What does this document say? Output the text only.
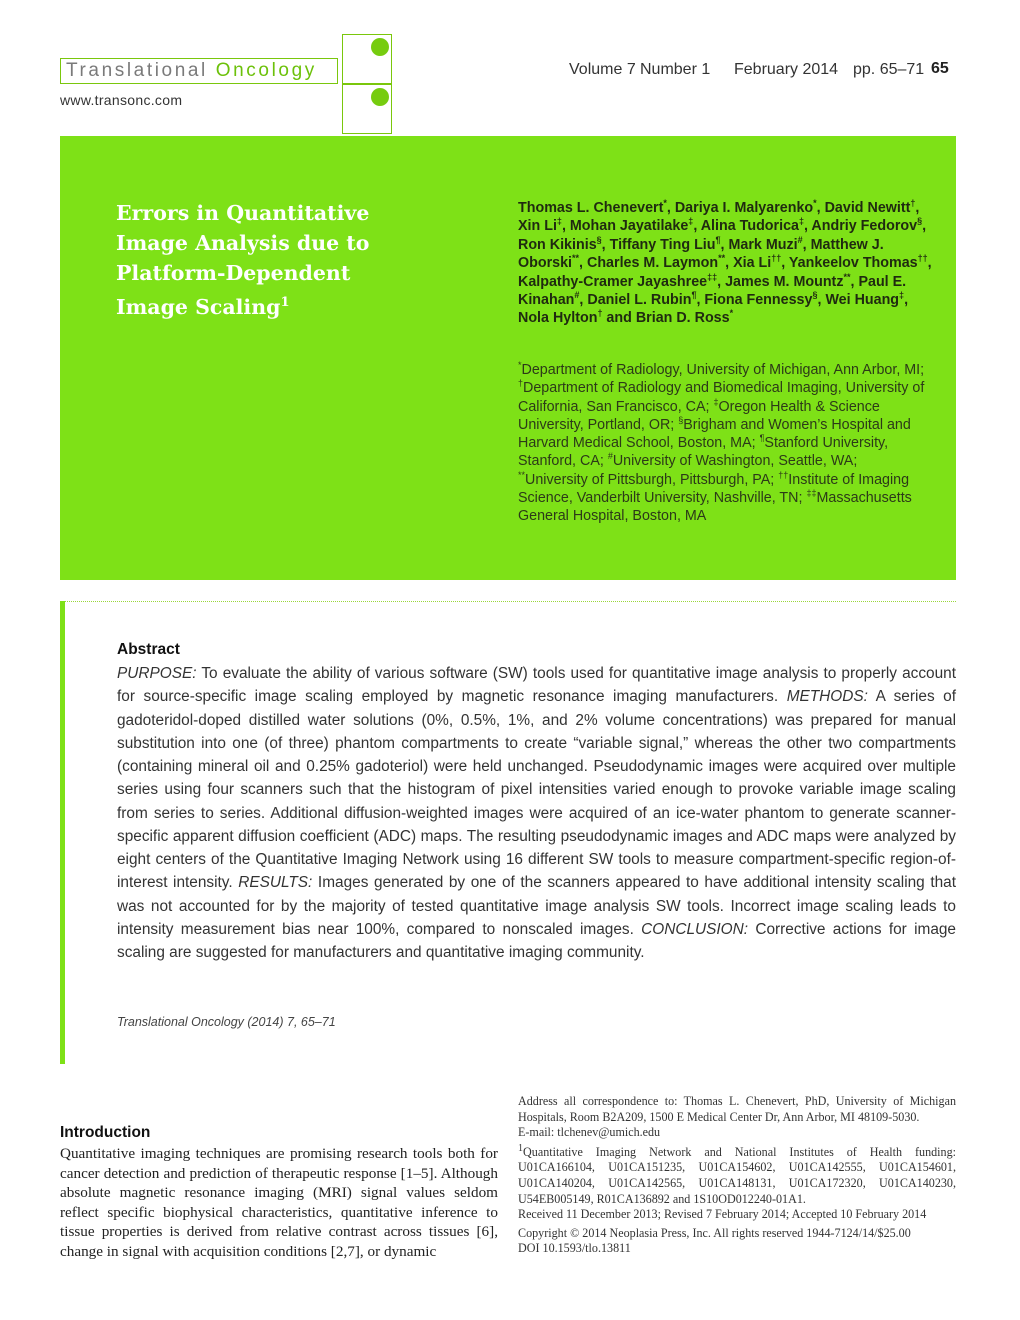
Translational Oncology
www.transonc.com
Volume 7 Number 1 February 2014 pp. 65–71 65
Errors in Quantitative Image Analysis due to Platform-Dependent Image Scaling$^1$
Thomas L. Chenevert*, Dariya I. Malyarenko*, David Newitt†, Xin Li‡, Mohan Jayatilake‡, Alina Tudorica‡, Andriy Fedorov§, Ron Kikinis§, Tiffany Ting Liu¶, Mark Muzi#, Matthew J. Oborski**, Charles M. Laymon**, Xia Li††, Yankeelov Thomas††, Kalpathy-Cramer Jayashree‡‡, James M. Mountz**, Paul E. Kinahan#, Daniel L. Rubin¶, Fiona Fennessy§, Wei Huang‡, Nola Hylton† and Brian D. Ross*
*Department of Radiology, University of Michigan, Ann Arbor, MI; †Department of Radiology and Biomedical Imaging, University of California, San Francisco, CA; ‡Oregon Health & Science University, Portland, OR; §Brigham and Women’s Hospital and Harvard Medical School, Boston, MA; ¶Stanford University, Stanford, CA; #University of Washington, Seattle, WA; **University of Pittsburgh, Pittsburgh, PA; ††Institute of Imaging Science, Vanderbilt University, Nashville, TN; ‡‡Massachusetts General Hospital, Boston, MA
Abstract
PURPOSE: To evaluate the ability of various software (SW) tools used for quantitative image analysis to properly account for source-specific image scaling employed by magnetic resonance imaging manufacturers. METHODS: A series of gadoteridol-doped distilled water solutions (0%, 0.5%, 1%, and 2% volume concentrations) was prepared for manual substitution into one (of three) phantom compartments to create “variable signal,” whereas the other two compartments (containing mineral oil and 0.25% gadoteriol) were held unchanged. Pseudodynamic images were acquired over multiple series using four scanners such that the histogram of pixel intensities varied enough to provoke variable image scaling from series to series. Additional diffusion-weighted images were acquired of an ice-water phantom to generate scanner-specific apparent diffusion coefficient (ADC) maps. The resulting pseudodynamic images and ADC maps were analyzed by eight centers of the Quantitative Imaging Network using 16 different SW tools to measure compartment-specific region-of-interest intensity. RESULTS: Images generated by one of the scanners appeared to have additional intensity scaling that was not accounted for by the majority of tested quantitative image analysis SW tools. Incorrect image scaling leads to intensity measurement bias near 100%, compared to nonscaled images. CONCLUSION: Corrective actions for image scaling are suggested for manufacturers and quantitative imaging community.
Translational Oncology (2014) 7, 65–71
Introduction
Quantitative imaging techniques are promising research tools both for cancer detection and prediction of therapeutic response [1–5]. Although absolute magnetic resonance imaging (MRI) signal values seldom reflect specific biophysical characteristics, quantitative inference to tissue properties is derived from relative contrast across tissues [6], change in signal with acquisition conditions [2,7], or dynamic

Address all correspondence to: Thomas L. Chenevert, PhD, University of Michigan Hospitals, Room B2A209, 1500 E Medical Center Dr, Ann Arbor, MI 48109-5030.

E-mail: tlchenev@umich.edu

$^1$Quantitative Imaging Network and National Institutes of Health funding: U01CA166104, U01CA151235, U01CA154602, U01CA142555, U01CA154601, U01CA140204, U01CA142565, U01CA148131, U01CA172320, U01CA140230, U54EB005149, R01CA136892 and 1S10OD012240-01A1.

Received 11 December 2013; Revised 7 February 2014; Accepted 10 February 2014

Copyright © 2014 Neoplasia Press, Inc. All rights reserved 1944-7124/14/$25.00

DOI 10.1593/tlo.13811
